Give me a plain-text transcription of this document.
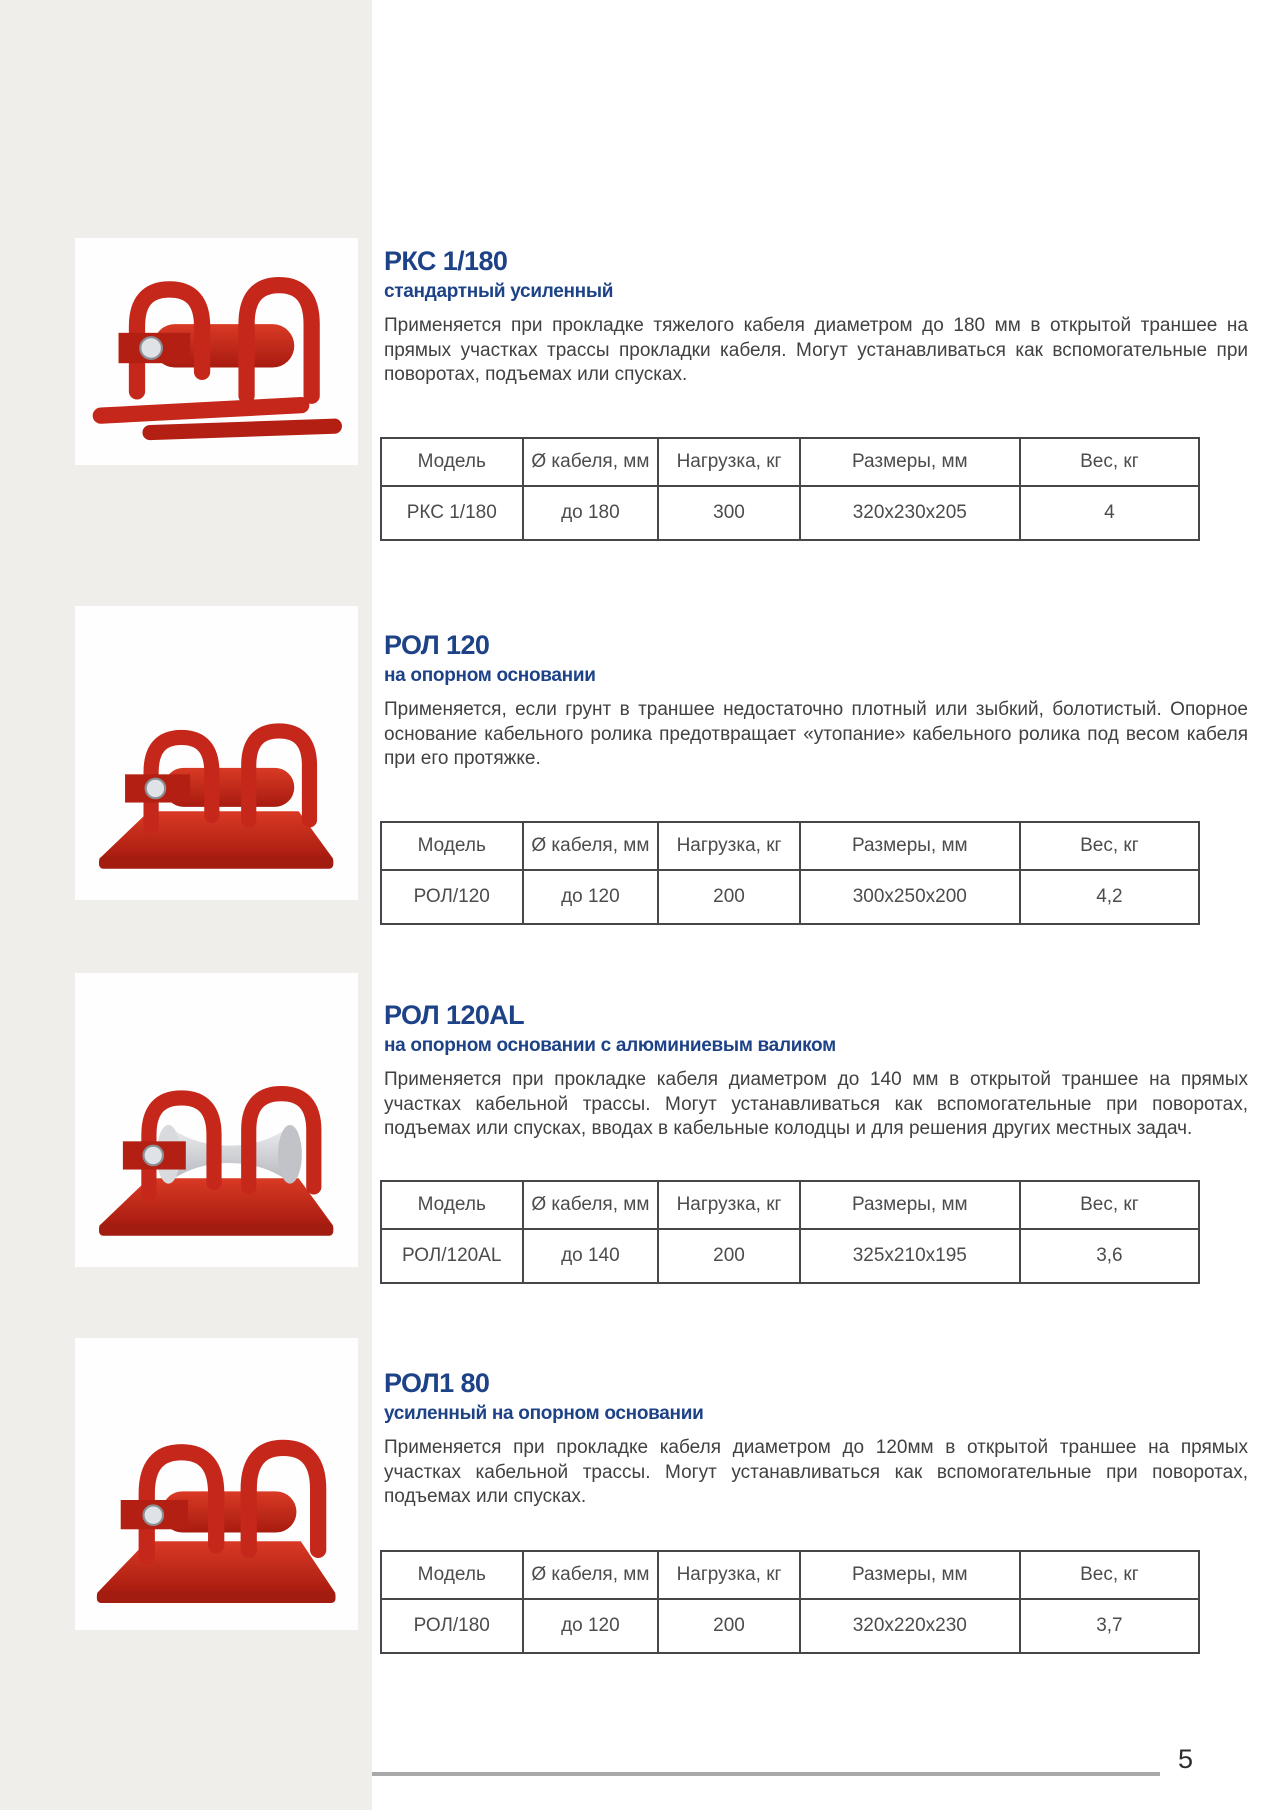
РКС 1/180
стандартный усиленный

Применяется при прокладке тяжелого кабеля диаметром до 180 мм в открытой траншее на прямых участках трассы прокладки кабеля. Могут устанавливаться как вспомогательные при поворотах, подъемах или спусках.

Модель	Ø кабеля, мм	Нагрузка, кг	Размеры, мм	Вес, кг
РКС 1/180	до 180	300	320x230x205	4
РОЛ 120
на опорном основании

Применяется, если грунт в траншее недостаточно плотный или зыбкий, болотистый. Опорное основание кабельного ролика предотвращает «утопание» кабельного ролика под весом кабеля при его протяжке.

Модель	Ø кабеля, мм	Нагрузка, кг	Размеры, мм	Вес, кг
РОЛ/120	до 120	200	300x250x200	4,2
РОЛ 120AL
на опорном основании с алюминиевым валиком

Применяется при прокладке кабеля диаметром до 140 мм в открытой траншее на прямых участках кабельной трассы. Могут устанавливаться как вспомогательные при поворотах, подъемах или спусках, вводах в кабельные колодцы и для решения других местных задач.

Модель	Ø кабеля, мм	Нагрузка, кг	Размеры, мм	Вес, кг
РОЛ/120AL	до 140	200	325x210x195	3,6
РОЛ1 80
усиленный на опорном основании

Применяется при прокладке кабеля диаметром до 120мм в открытой траншее на прямых участках кабельной трассы. Могут устанавливаться как вспомогательные при поворотах, подъемах или спусках.

Модель	Ø кабеля, мм	Нагрузка, кг	Размеры, мм	Вес, кг
РОЛ/180	до 120	200	320x220x230	3,7
5
